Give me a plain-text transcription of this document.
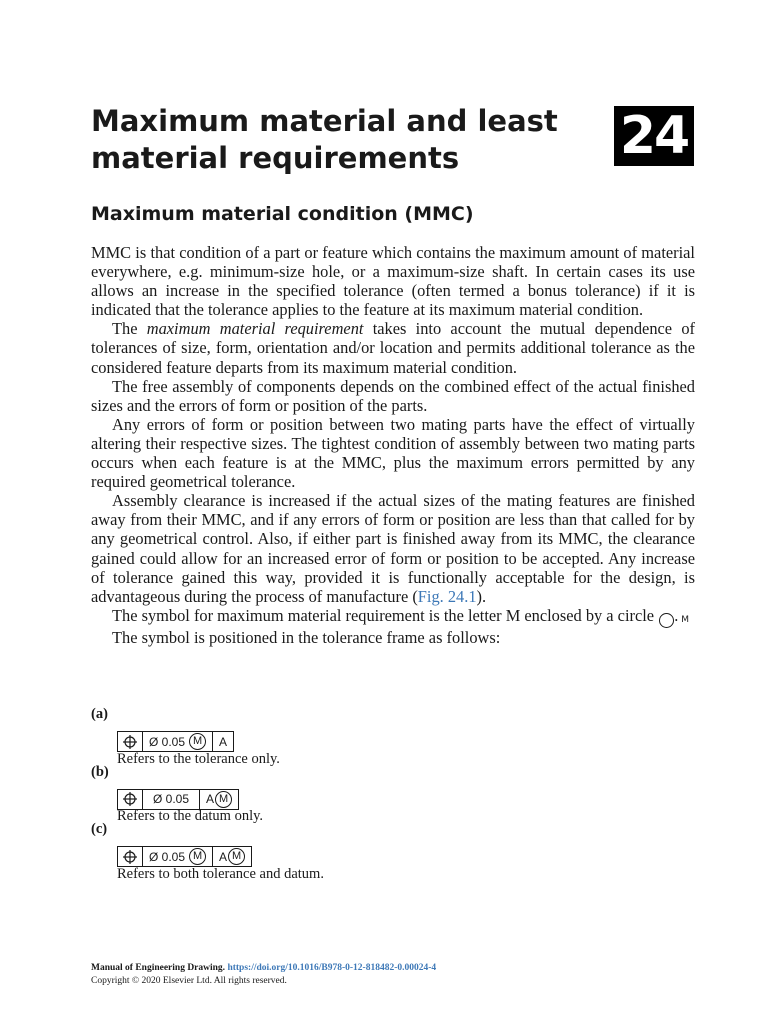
Maximum material and least
material requirements	24
Maximum material condition (MMC)

MMC is that condition of a part or feature which contains the maximum amount of material everywhere, e.g. minimum-size hole, or a maximum-size shaft. In certain cases its use allows an increase in the specified tolerance (often termed a bonus tolerance) if it is indicated that the tolerance applies to the feature at its maximum material condition.

The maximum material requirement takes into account the mutual dependence of tolerances of size, form, orientation and/or location and permits additional tolerance as the considered feature departs from its maximum material condition.

The free assembly of components depends on the combined effect of the actual finished sizes and the errors of form or position of the parts.

Any errors of form or position between two mating parts have the effect of virtually altering their respective sizes. The tightest condition of assembly between two mating parts occurs when each feature is at the MMC, plus the maximum errors permitted by any required geometrical tolerance.

Assembly clearance is increased if the actual sizes of the mating features are finished away from their MMC, and if any errors of form or position are less than that called for by any geometrical control. Also, if either part is finished away from its MMC, the clearance gained could allow for an increased error of form or position to be accepted. Any increase of tolerance gained this way, provided it is functionally acceptable for the design, is advantageous during the process of manufacture (Fig. 24.1).

The symbol for maximum material requirement is the letter M enclosed by a circle	M.

The symbol is positioned in the tolerance frame as follows:

(a)
Ø 0.05 M	A
Refers to the tolerance only.
(b)
Ø 0.05 A M
Refers to the datum only.
(c)
Ø 0.05 M	A M
Refers to both tolerance and datum.
Manual of Engineering Drawing. https://doi.org/10.1016/B978-0-12-818482-0.00024-4
Copyright © 2020 Elsevier Ltd. All rights reserved.
